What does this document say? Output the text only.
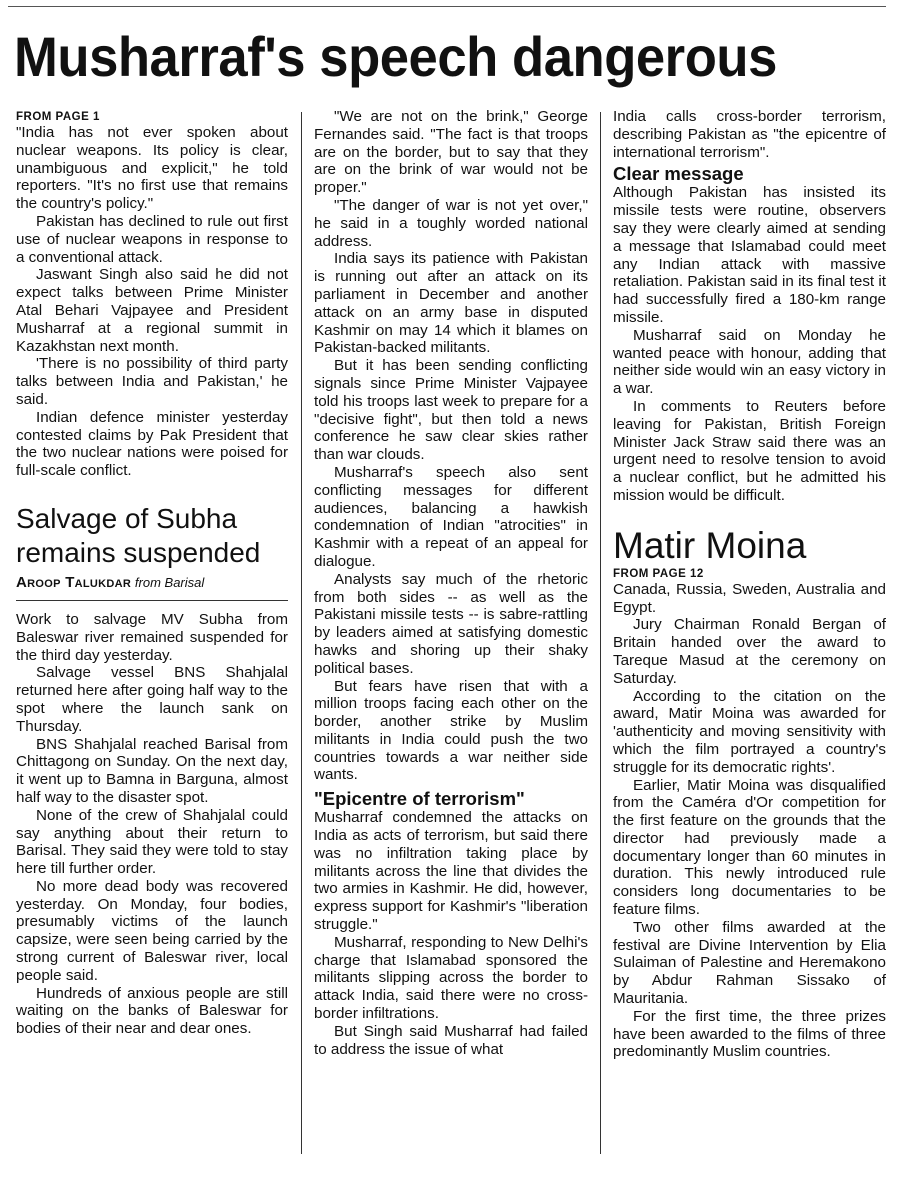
Musharraf's speech dangerous

FROM PAGE 1

"India has not ever spoken about nuclear weapons. Its policy is clear, unambiguous and explicit," he told reporters. "It's no first use that remains the country's policy."

Pakistan has declined to rule out first use of nuclear weapons in response to a conventional attack.

Jaswant Singh also said he did not expect talks between Prime Minister Atal Behari Vajpayee and President Musharraf at a regional summit in Kazakhstan next month.

'There is no possibility of third party talks between India and Pakistan,' he said.

Indian defence minister yesterday contested claims by Pak President that the two nuclear nations were poised for full-scale conflict.

Salvage of Subha remains suspended

Aroop Talukdar from Barisal

Work to salvage MV Subha from Baleswar river remained suspended for the third day yesterday.

Salvage vessel BNS Shahjalal returned here after going half way to the spot where the launch sank on Thursday.

BNS Shahjalal reached Barisal from Chittagong on Sunday. On the next day, it went up to Bamna in Barguna, almost half way to the disaster spot.

None of the crew of Shahjalal could say anything about their return to Barisal. They said they were told to stay here till further order.

No more dead body was recovered yesterday. On Monday, four bodies, presumably victims of the launch capsize, were seen being carried by the strong current of Baleswar river, local people said.

Hundreds of anxious people are still waiting on the banks of Baleswar for bodies of their near and dear ones.

"We are not on the brink," George Fernandes said. "The fact is that troops are on the border, but to say that they are on the brink of war would not be proper."

"The danger of war is not yet over," he said in a toughly worded national address.

India says its patience with Pakistan is running out after an attack on its parliament in December and another attack on an army base in disputed Kashmir on may 14 which it blames on Pakistan-backed militants.

But it has been sending conflicting signals since Prime Minister Vajpayee told his troops last week to prepare for a "decisive fight", but then told a news conference he saw clear skies rather than war clouds.

Musharraf's speech also sent conflicting messages for different audiences, balancing a hawkish condemnation of Indian "atrocities" in Kashmir with a repeat of an appeal for dialogue.

Analysts say much of the rhetoric from both sides -- as well as the Pakistani missile tests -- is sabre-rattling by leaders aimed at satisfying domestic hawks and shoring up their shaky political bases.

But fears have risen that with a million troops facing each other on the border, another strike by Muslim militants in India could push the two countries towards a war neither side wants.

"Epicentre of terrorism"

Musharraf condemned the attacks on India as acts of terrorism, but said there was no infiltration taking place by militants across the line that divides the two armies in Kashmir. He did, however, express support for Kashmir's "liberation struggle."

Musharraf, responding to New Delhi's charge that Islamabad sponsored the militants slipping across the border to attack India, said there were no cross-border infiltrations.

But Singh said Musharraf had failed to address the issue of what

India calls cross-border terrorism, describing Pakistan as "the epicentre of international terrorism".

Clear message

Although Pakistan has insisted its missile tests were routine, observers say they were clearly aimed at sending a message that Islamabad could meet any Indian attack with massive retaliation. Pakistan said in its final test it had successfully fired a 180-km range missile.

Musharraf said on Monday he wanted peace with honour, adding that neither side would win an easy victory in a war.

In comments to Reuters before leaving for Pakistan, British Foreign Minister Jack Straw said there was an urgent need to resolve tension to avoid a nuclear conflict, but he admitted his mission would be difficult.

Matir Moina

FROM PAGE 12

Canada, Russia, Sweden, Australia and Egypt.

Jury Chairman Ronald Bergan of Britain handed over the award to Tareque Masud at the ceremony on Saturday.

According to the citation on the award, Matir Moina was awarded for 'authenticity and moving sensitivity with which the film portrayed a country's struggle for its democratic rights'.

Earlier, Matir Moina was disqualified from the Caméra d'Or competition for the first feature on the grounds that the director had previously made a documentary longer than 60 minutes in duration. This newly introduced rule considers long documentaries to be feature films.

Two other films awarded at the festival are Divine Intervention by Elia Sulaiman of Palestine and Heremakono by Abdur Rahman Sissako of Mauritania.

For the first time, the three prizes have been awarded to the films of three predominantly Muslim countries.
